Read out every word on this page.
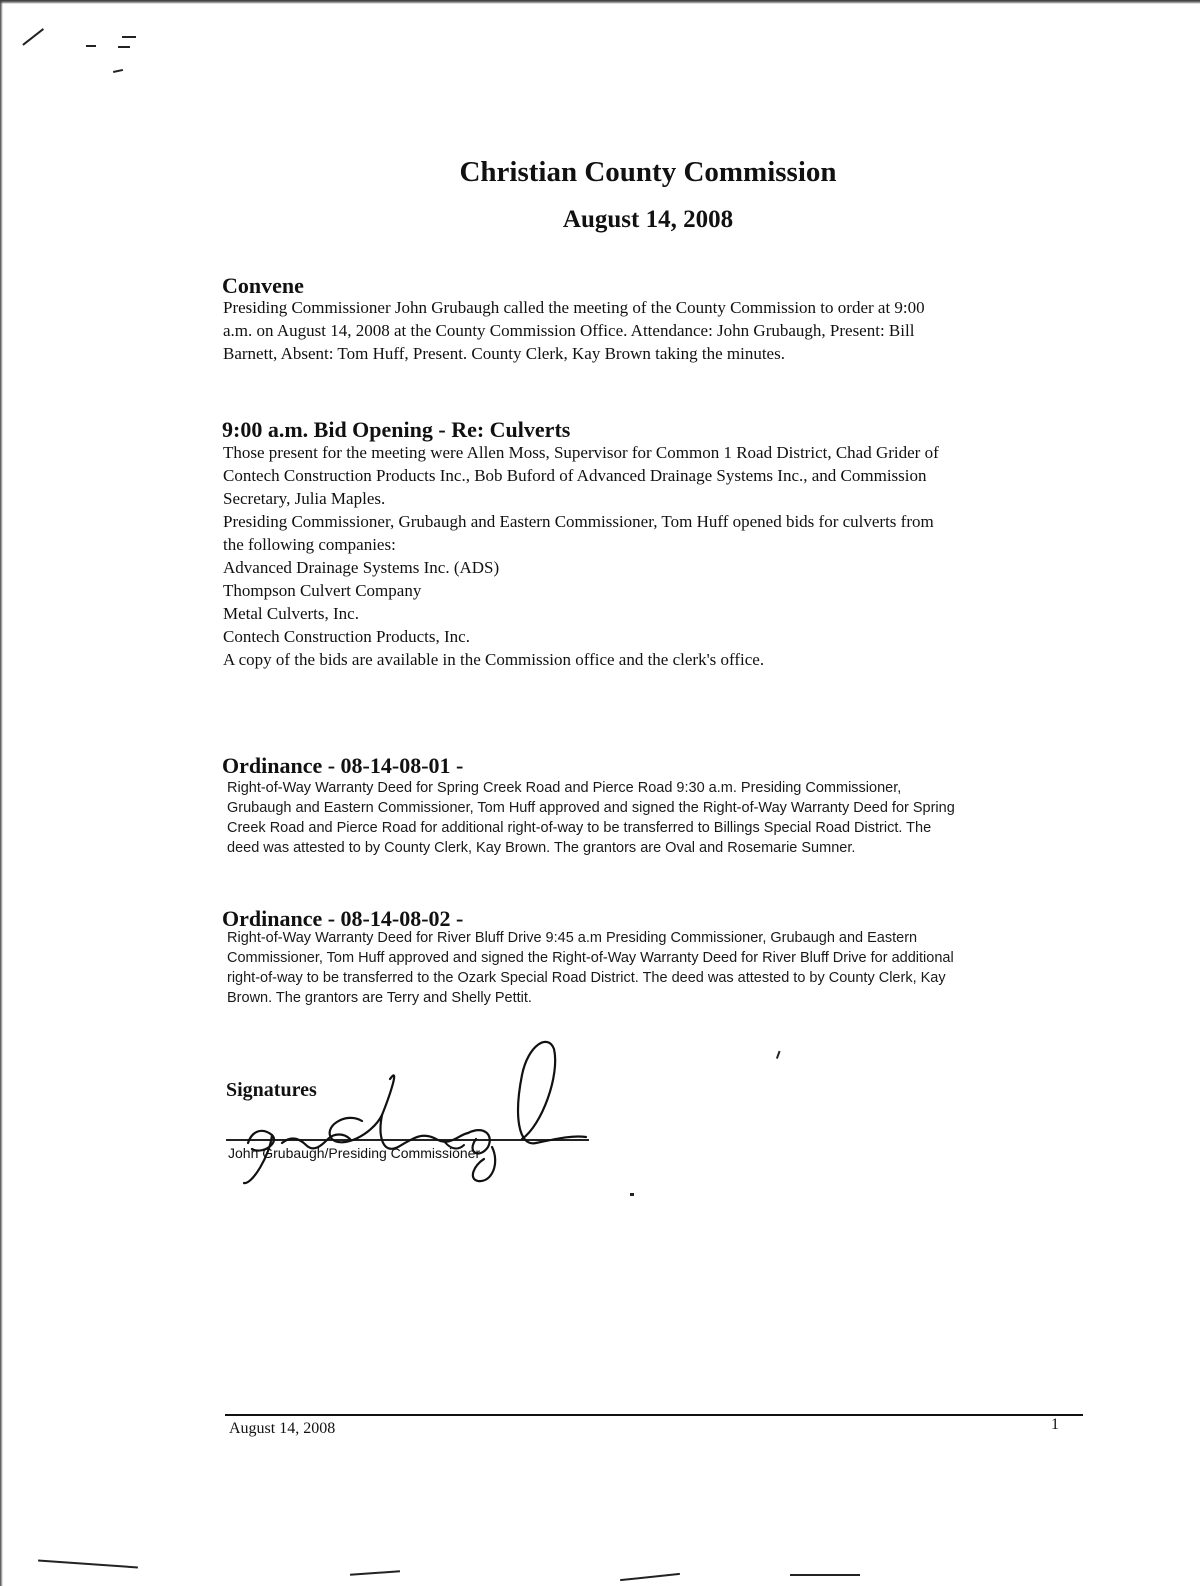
Christian County Commission
August 14, 2008
Convene
Presiding Commissioner John Grubaugh called the meeting of the County Commission to order at 9:00
a.m. on August 14, 2008 at the County Commission Office. Attendance: John Grubaugh, Present: Bill
Barnett, Absent: Tom Huff, Present. County Clerk, Kay Brown taking the minutes.
9:00 a.m. Bid Opening - Re: Culverts
Those present for the meeting were Allen Moss, Supervisor for Common 1 Road District, Chad Grider of
Contech Construction Products Inc., Bob Buford of Advanced Drainage Systems Inc., and Commission
Secretary, Julia Maples.
Presiding Commissioner, Grubaugh and Eastern Commissioner, Tom Huff opened bids for culverts from
the following companies:
Advanced Drainage Systems Inc. (ADS)
Thompson Culvert Company
Metal Culverts, Inc.
Contech Construction Products, Inc.
A copy of the bids are available in the Commission office and the clerk's office.
Ordinance - 08-14-08-01 -
Right-of-Way Warranty Deed for Spring Creek Road and Pierce Road 9:30 a.m. Presiding Commissioner,
Grubaugh and Eastern Commissioner, Tom Huff approved and signed the Right-of-Way Warranty Deed for Spring
Creek Road and Pierce Road for additional right-of-way to be transferred to Billings Special Road District. The
deed was attested to by County Clerk, Kay Brown. The grantors are Oval and Rosemarie Sumner.
Ordinance - 08-14-08-02 -
Right-of-Way Warranty Deed for River Bluff Drive 9:45 a.m Presiding Commissioner, Grubaugh and Eastern
Commissioner, Tom Huff approved and signed the Right-of-Way Warranty Deed for River Bluff Drive for additional
right-of-way to be transferred to the Ozark Special Road District. The deed was attested to by County Clerk, Kay
Brown. The grantors are Terry and Shelly Pettit.
Signatures
John Grubaugh/Presiding Commissioner
August 14, 2008	1
